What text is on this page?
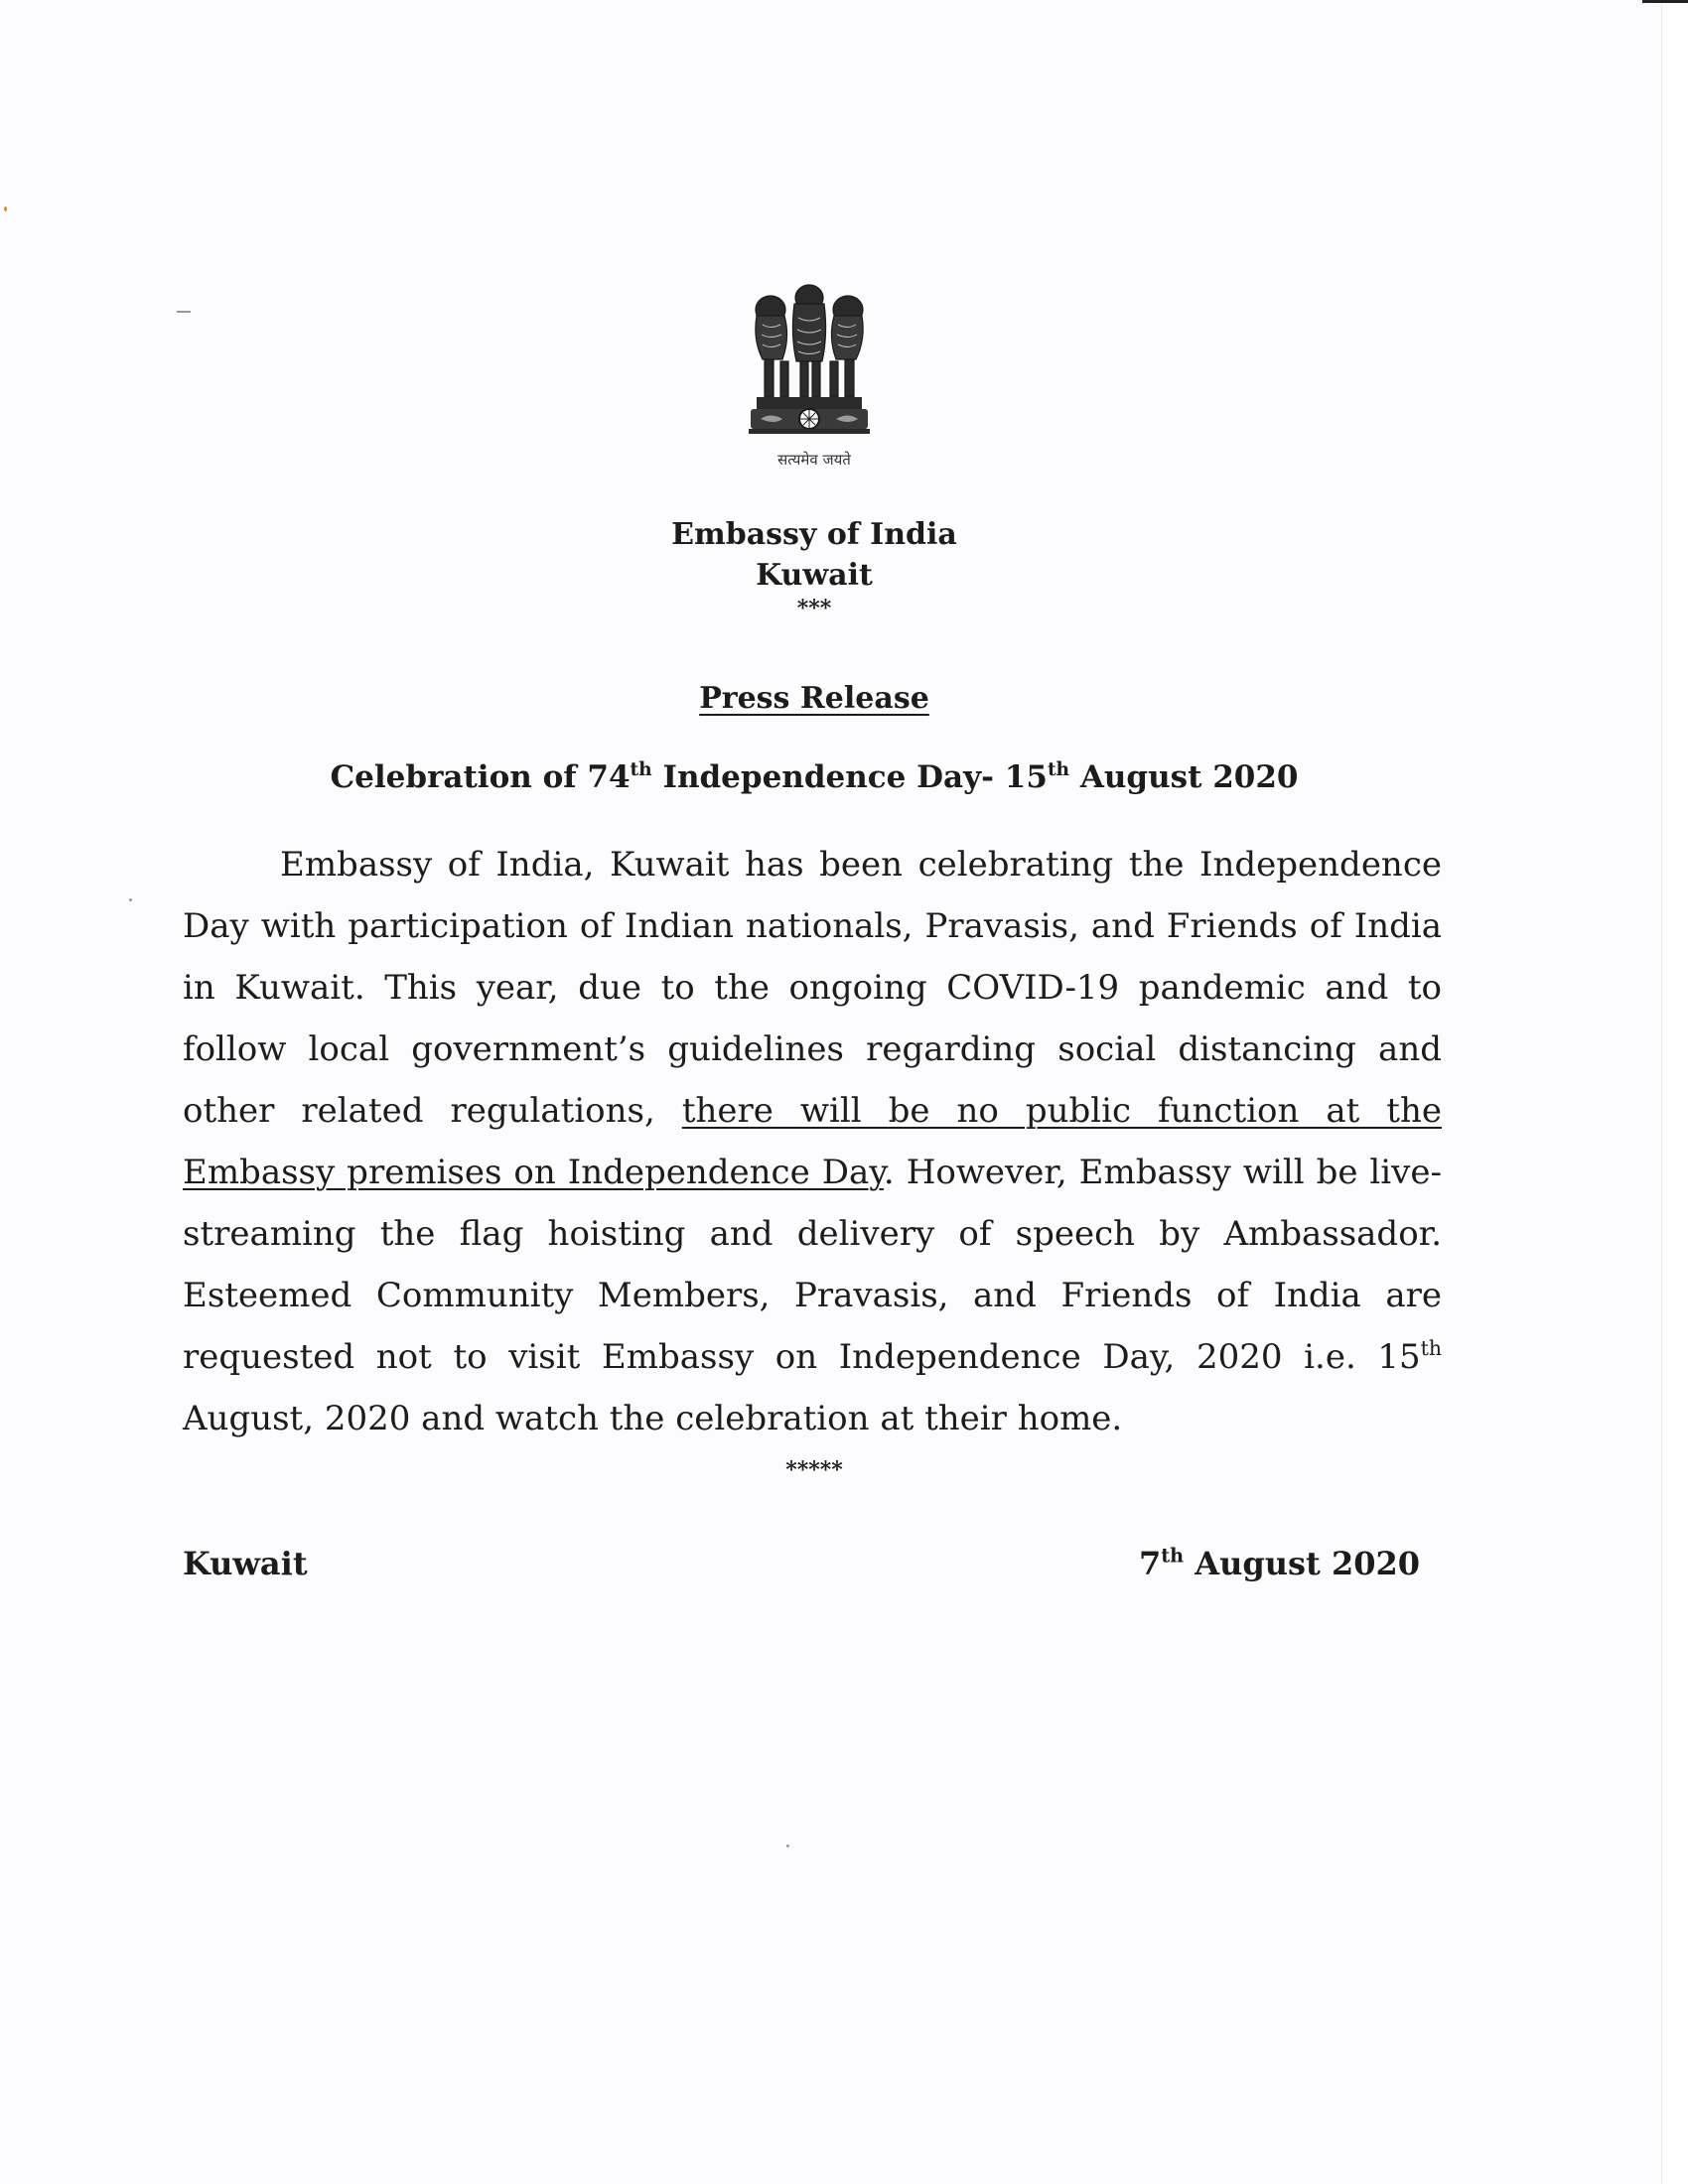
सत्यमेव जयते
Embassy of India
Kuwait
***
Press Release
Celebration of 74th Independence Day- 15th August 2020

Embassy of India, Kuwait has been celebrating the Independence Day with participation of Indian nationals, Pravasis, and Friends of India in Kuwait. This year, due to the ongoing COVID-19 pandemic and to follow local government’s guidelines regarding social distancing and other related regulations, there will be no public function at the Embassy premises on Independence Day. However, Embassy will be live-streaming the flag hoisting and delivery of speech by Ambassador. Esteemed Community Members, Pravasis, and Friends of India are requested not to visit Embassy on Independence Day, 2020 i.e. 15th August, 2020 and watch the celebration at their home.

*****
Kuwait	7th August 2020
